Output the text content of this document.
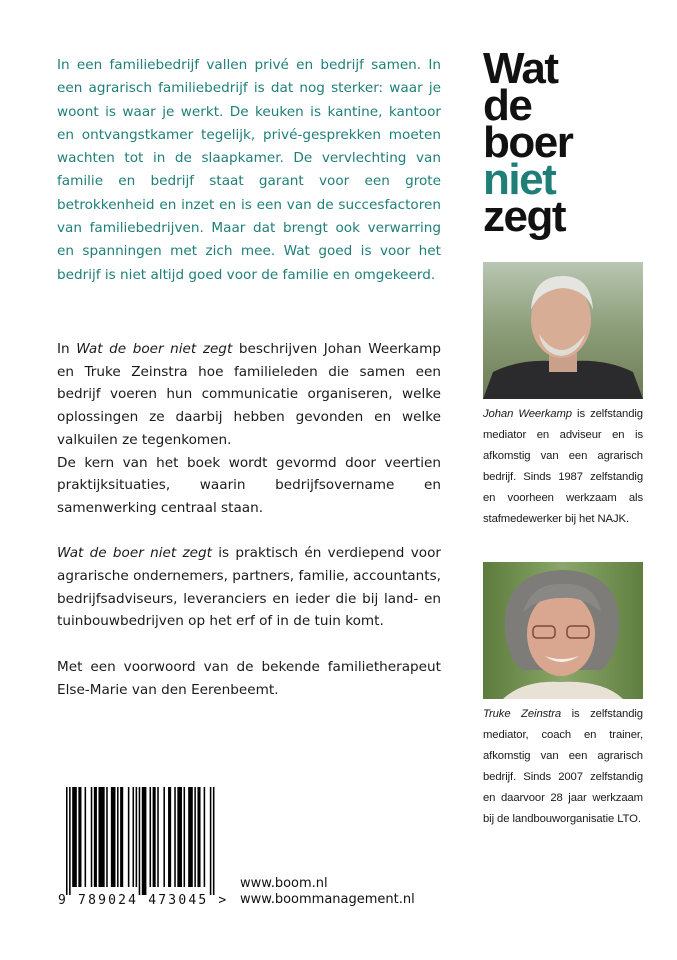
In een familiebedrijf vallen privé en bedrijf samen. In een agrarisch familiebedrijf is dat nog sterker: waar je woont is waar je werkt. De keuken is kantine, kantoor en ontvangstkamer tegelijk, privé-gesprekken moeten wachten tot in de slaapkamer. De vervlechting van familie en bedrijf staat garant voor een grote betrokkenheid en inzet en is een van de succesfactoren van familiebedrijven. Maar dat brengt ook verwarring en spanningen met zich mee. Wat goed is voor het bedrijf is niet altijd goed voor de familie en omgekeerd.

In Wat de boer niet zegt beschrijven Johan Weerkamp en Truke Zeinstra hoe familieleden die samen een bedrijf voeren hun communicatie organiseren, welke oplossingen ze daarbij hebben gevonden en welke valkuilen ze tegenkomen.

De kern van het boek wordt gevormd door veertien praktijksituaties, waarin bedrijfsovername en samenwerking centraal staan.

Wat de boer niet zegt is praktisch én verdiepend voor agrarische ondernemers, partners, familie, accountants, bedrijfsadviseurs, leveranciers en ieder die bij land- en tuinbouwbedrijven op het erf of in de tuin komt.

Met een voorwoord van de bekende familietherapeut Else-Marie van den Eerenbeemt.

Wat
de
boer
niet
zegt
Johan Weerkamp is zelfstandig mediator en adviseur en is afkomstig van een agrarisch bedrijf. Sinds 1987 zelfstandig en voorheen werkzaam als stafmedewerker bij het NAJK.
Truke Zeinstra is zelfstandig mediator, coach en trainer, afkomstig van een agrarisch bedrijf. Sinds 2007 zelfstandig en daarvoor 28 jaar werkzaam bij de landbouworganisatie LTO.
9 789024 473045 >
www.boom.nl
www.boommanagement.nl
